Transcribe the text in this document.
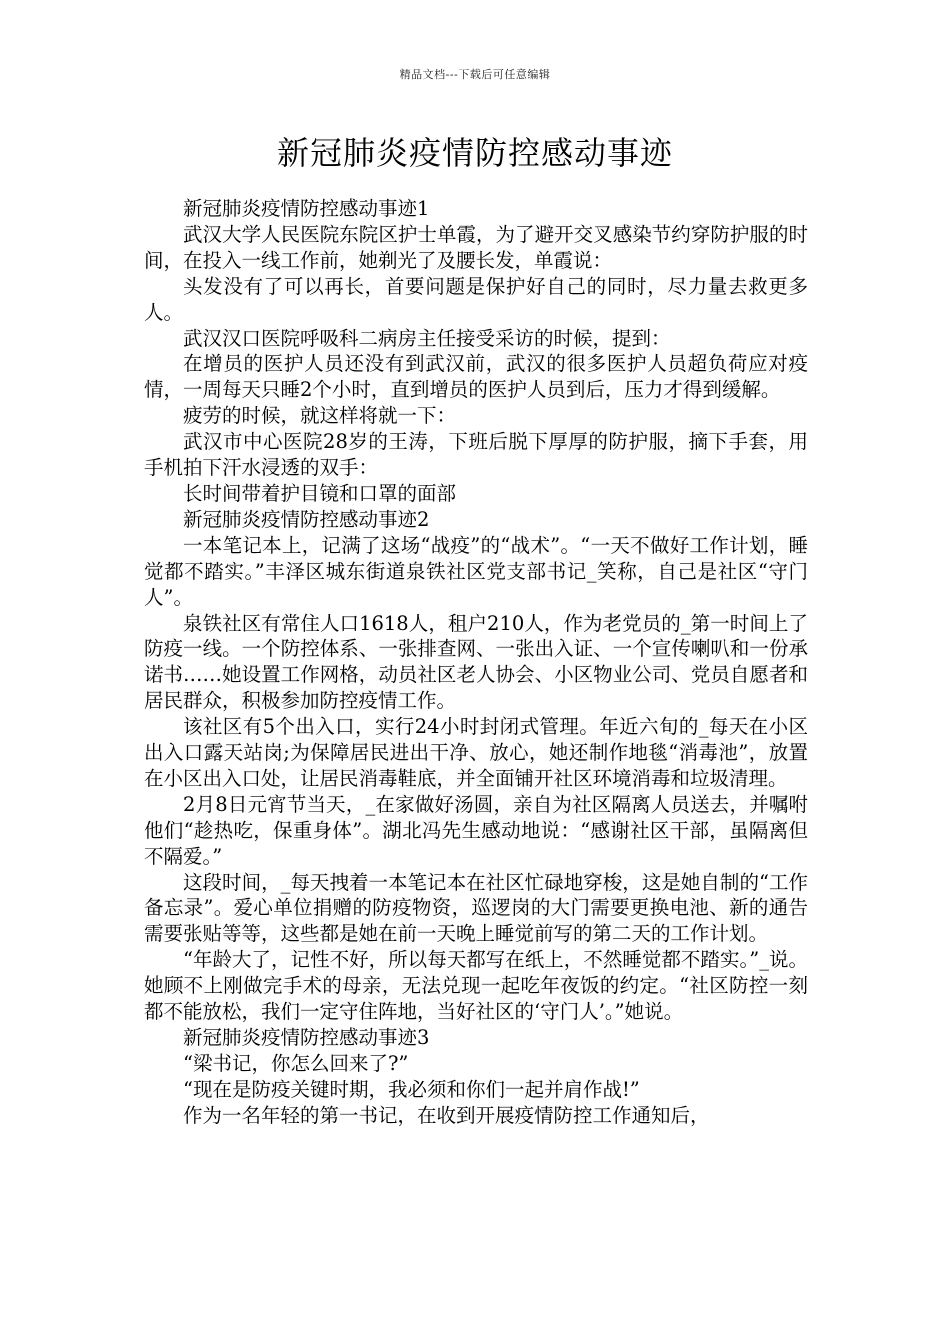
精品文档---下载后可任意编辑
新冠肺炎疫情防控感动事迹

新冠肺炎疫情防控感动事迹1

武汉大学人民医院东院区护士单霞，为了避开交叉感染节约穿防护服的时间，在投入一线工作前，她剃光了及腰长发，单霞说：

头发没有了可以再长，首要问题是保护好自己的同时，尽力量去救更多人。

武汉汉口医院呼吸科二病房主任接受采访的时候，提到：

在增员的医护人员还没有到武汉前，武汉的很多医护人员超负荷应对疫情，一周每天只睡2个小时，直到增员的医护人员到后，压力才得到缓解。

疲劳的时候，就这样将就一下：

武汉市中心医院28岁的王涛，下班后脱下厚厚的防护服，摘下手套，用手机拍下汗水浸透的双手：

长时间带着护目镜和口罩的面部

新冠肺炎疫情防控感动事迹2

一本笔记本上，记满了这场“战疫”的“战术”。“一天不做好工作计划，睡觉都不踏实。”丰泽区城东街道泉铁社区党支部书记_笑称，自己是社区“守门人”。

泉铁社区有常住人口1618人，租户210人，作为老党员的_第一时间上了防疫一线。一个防控体系、一张排查网、一张出入证、一个宣传喇叭和一份承诺书……她设置工作网格，动员社区老人协会、小区物业公司、党员自愿者和居民群众，积极参加防控疫情工作。

该社区有5个出入口，实行24小时封闭式管理。年近六旬的_每天在小区出入口露天站岗;为保障居民进出干净、放心，她还制作地毯“消毒池”，放置在小区出入口处，让居民消毒鞋底，并全面铺开社区环境消毒和垃圾清理。

2月8日元宵节当天，_在家做好汤圆，亲自为社区隔离人员送去，并嘱咐他们“趁热吃，保重身体”。湖北冯先生感动地说：“感谢社区干部，虽隔离但不隔爱。”

这段时间，_每天拽着一本笔记本在社区忙碌地穿梭，这是她自制的“工作备忘录”。爱心单位捐赠的防疫物资，巡逻岗的大门需要更换电池、新的通告需要张贴等等，这些都是她在前一天晚上睡觉前写的第二天的工作计划。

“年龄大了，记性不好，所以每天都写在纸上，不然睡觉都不踏实。”_说。她顾不上刚做完手术的母亲，无法兑现一起吃年夜饭的约定。“社区防控一刻都不能放松，我们一定守住阵地，当好社区的‘守门人’。”她说。

新冠肺炎疫情防控感动事迹3

“梁书记，你怎么回来了?”

“现在是防疫关键时期，我必须和你们一起并肩作战!”

作为一名年轻的第一书记，在收到开展疫情防控工作通知后，
